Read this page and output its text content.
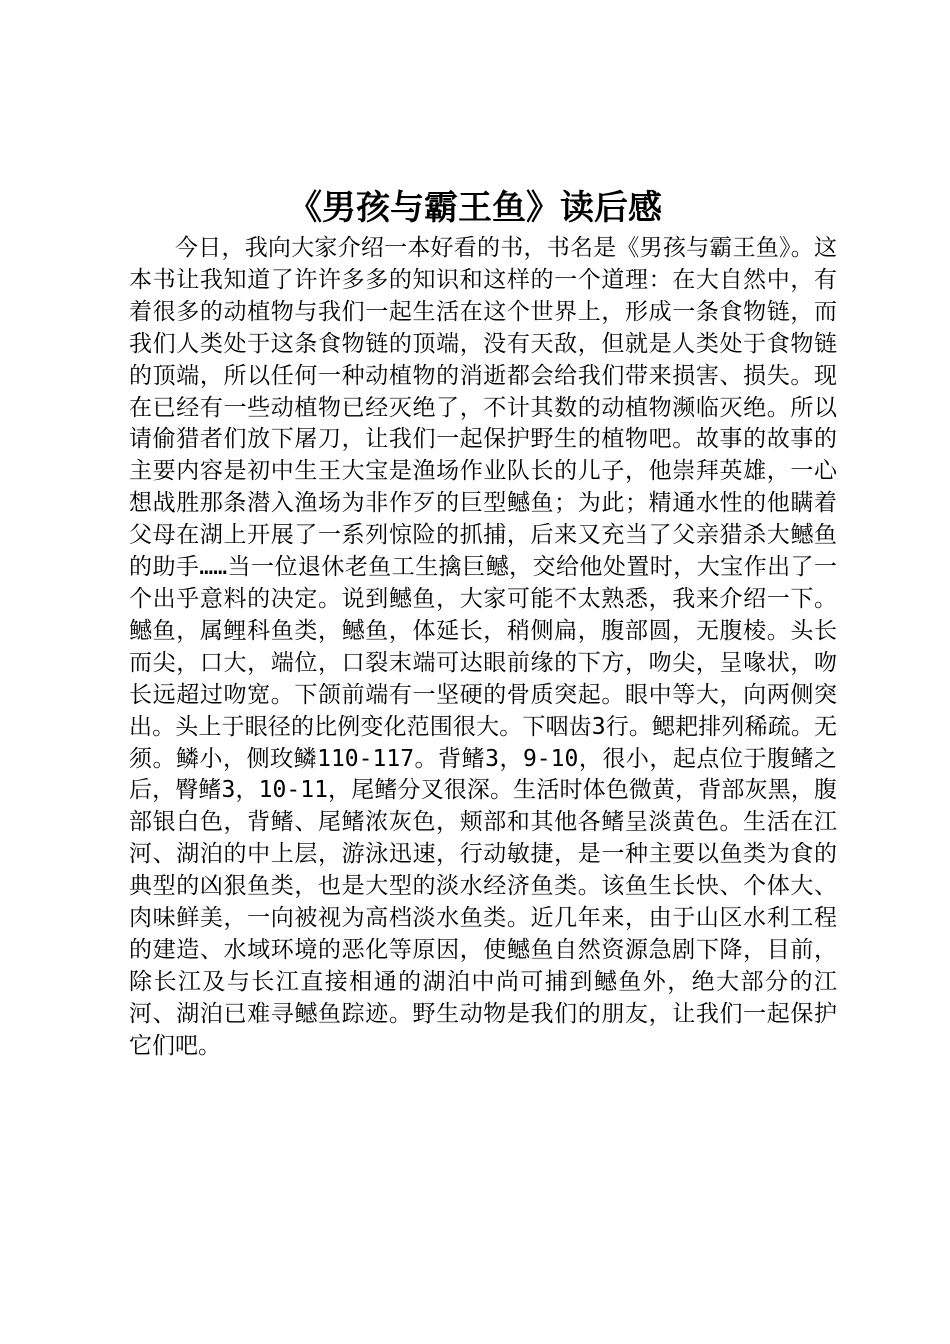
《男孩与霸王鱼》读后感

今日，我向大家介绍一本好看的书，书名是《男孩与霸王鱼》。这本书让我知道了许许多多的知识和这样的一个道理：在大自然中，有着很多的动植物与我们一起生活在这个世界上，形成一条食物链，而我们人类处于这条食物链的顶端，没有天敌，但就是人类处于食物链的顶端，所以任何一种动植物的消逝都会给我们带来损害、损失。现在已经有一些动植物已经灭绝了，不计其数的动植物濒临灭绝。所以请偷猎者们放下屠刀，让我们一起保护野生的植物吧。故事的故事的主要内容是初中生王大宝是渔场作业队长的儿子，他崇拜英雄，一心想战胜那条潜入渔场为非作歹的巨型鳡鱼；为此；精通水性的他瞒着父母在湖上开展了一系列惊险的抓捕，后来又充当了父亲猎杀大鳡鱼的助手……当一位退休老鱼工生擒巨鳡，交给他处置时，大宝作出了一个出乎意料的决定。说到鳡鱼，大家可能不太熟悉，我来介绍一下。鳡鱼，属鲤科鱼类，鳡鱼，体延长，稍侧扁，腹部圆，无腹棱。头长而尖，口大，端位，口裂末端可达眼前缘的下方，吻尖，呈喙状，吻长远超过吻宽。下颌前端有一坚硬的骨质突起。眼中等大，向两侧突出。头上于眼径的比例变化范围很大。下咽齿3行。鳃耙排列稀疏。无须。鳞小，侧玫鳞110-117。背鳍3，9-10，很小，起点位于腹鳍之后，臀鳍3，10-11，尾鳍分叉很深。生活时体色微黄，背部灰黑，腹部银白色，背鳍、尾鳍浓灰色，颊部和其他各鳍呈淡黄色。生活在江河、湖泊的中上层，游泳迅速，行动敏捷，是一种主要以鱼类为食的典型的凶狠鱼类，也是大型的淡水经济鱼类。该鱼生长快、个体大、肉味鲜美，一向被视为高档淡水鱼类。近几年来，由于山区水利工程的建造、水域环境的恶化等原因，使鳡鱼自然资源急剧下降，目前，除长江及与长江直接相通的湖泊中尚可捕到鳡鱼外，绝大部分的江河、湖泊已难寻鳡鱼踪迹。野生动物是我们的朋友，让我们一起保护它们吧。
